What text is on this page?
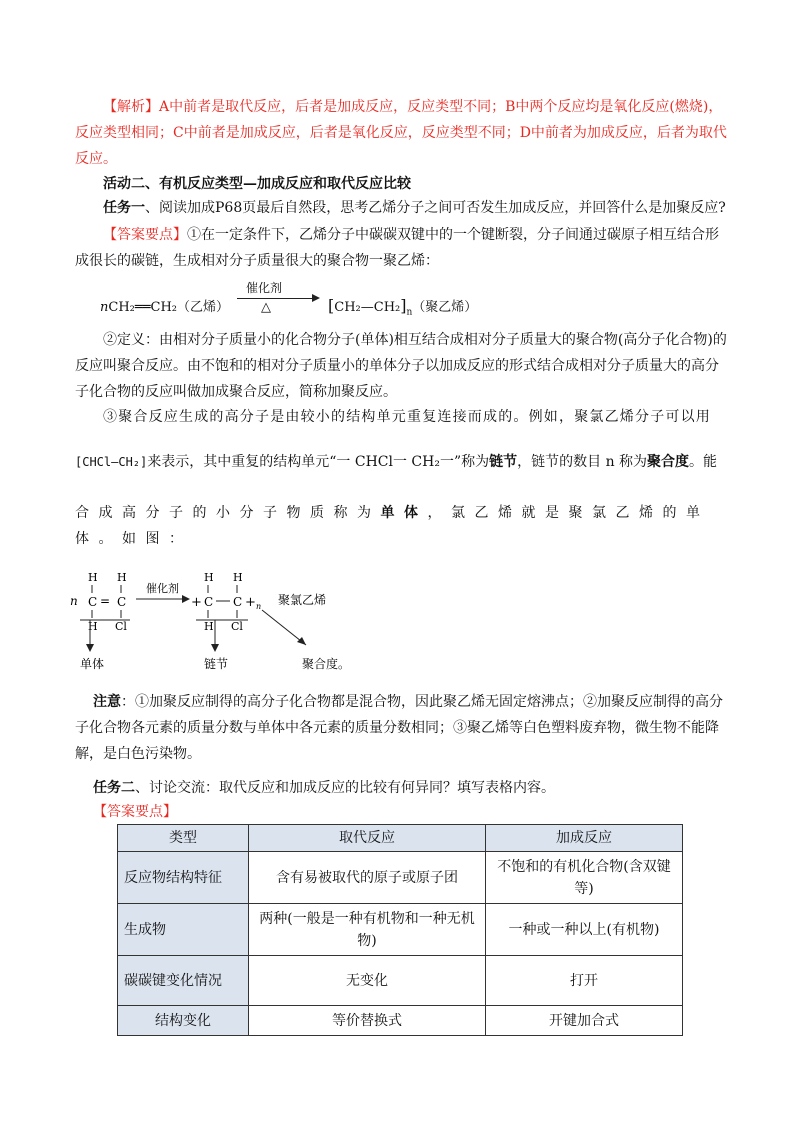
【解析】A中前者是取代反应，后者是加成反应，反应类型不同；B中两个反应均是氧化反应(燃烧)，反应类型相同；C中前者是加成反应，后者是氧化反应，反应类型不同；D中前者为加成反应，后者为取代反应。
活动二、有机反应类型—加成反应和取代反应比较
任务一、阅读加成P68页最后自然段，思考乙烯分子之间可否发生加成反应，并回答什么是加聚反应?
【答案要点】①在一定条件下，乙烯分子中碳碳双键中的一个键断裂，分子间通过碳原子相互结合形成很长的碳链，生成相对分子质量很大的聚合物一聚乙烯：
nCH₂══CH₂（乙烯）
催化剂
△	$[CH_2—CH_2]_n$（聚乙烯）
②定义：由相对分子质量小的化合物分子(单体)相互结合成相对分子质量大的聚合物(高分子化合物)的反应叫聚合反应。由不饱和的相对分子质量小的单体分子以加成反应的形式结合成相对分子质量大的高分子化合物的反应叫做加成聚合反应，简称加聚反应。
③聚合反应生成的高分子是由较小的结构单元重复连接而成的。例如，聚氯乙烯分子可以用
[CHCl—CH₂]来表示，其中重复的结构单元“一 CHCl一 CH₂一”称为链节，链节的数目 n 称为聚合度。能
合成高分子的小分子物质称为单体，氯乙烯就是聚氯乙烯的单体。如图：
n
H H
C = C
H Cl
催化剂
+
H H
C C + n
H Cl
聚氯乙烯
单体	链节	聚合度。
注意：①加聚反应制得的高分子化合物都是混合物，因此聚乙烯无固定熔沸点；②加聚反应制得的高分子化合物各元素的质量分数与单体中各元素的质量分数相同；③聚乙烯等白色塑料废弃物，微生物不能降解，是白色污染物。
任务二、讨论交流：取代反应和加成反应的比较有何异同？填写表格内容。
【答案要点】
类型	取代反应	加成反应
反应物结构特征	含有易被取代的原子或原子团	不饱和的有机化合物(含双键等)
生成物	两种(一般是一种有机物和一种无机物)	一种或一种以上(有机物)
碳碳键变化情况	无变化	打开
结构变化	等价替换式	开键加合式
